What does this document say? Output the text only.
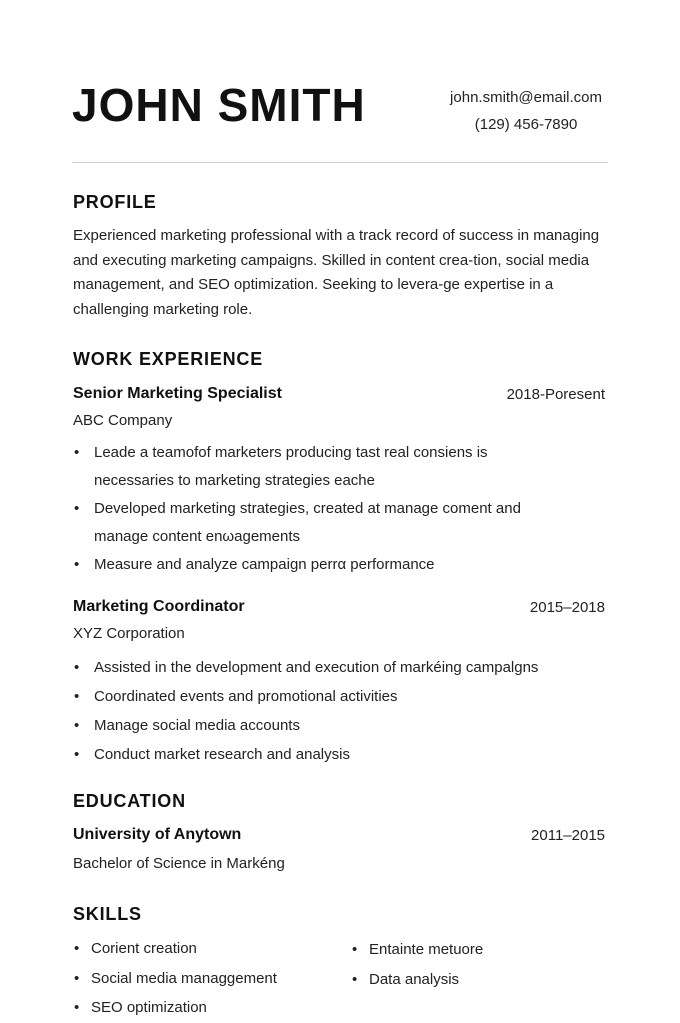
JOHN SMITH	john.smith@email.com
(129) 456-7890
PROFILE

Experienced marketing professional with a track record of success in managing and executing marketing campaigns. Skilled in content crea-tion, social media management, and SEO optimization. Seeking to levera-ge expertise in a challenging marketing role.

WORK EXPERIENCE
Senior Marketing Specialist	2018-Poresent
ABC Company
• Leade a teamofof marketers producing tast real consiens is necessaries to marketing strategies eache
• Developed marketing strategies, created at manage coment and manage content enωagements
• Measure and analyze campaign perrα performance
Marketing Coordinator	2015–2018
XYZ Corporation
• Assisted in the development and execution of markéing campalgns
• Coordinated events and promotional activities
• Manage social media accounts
• Conduct market research and analysis
EDUCATION
University of Anytown	2011–2015
Bachelor of Science in Markéng
SKILLS
• Corient creation
• Social media managgement
• SEO optimization
• Entainte metuore
• Data analysis
